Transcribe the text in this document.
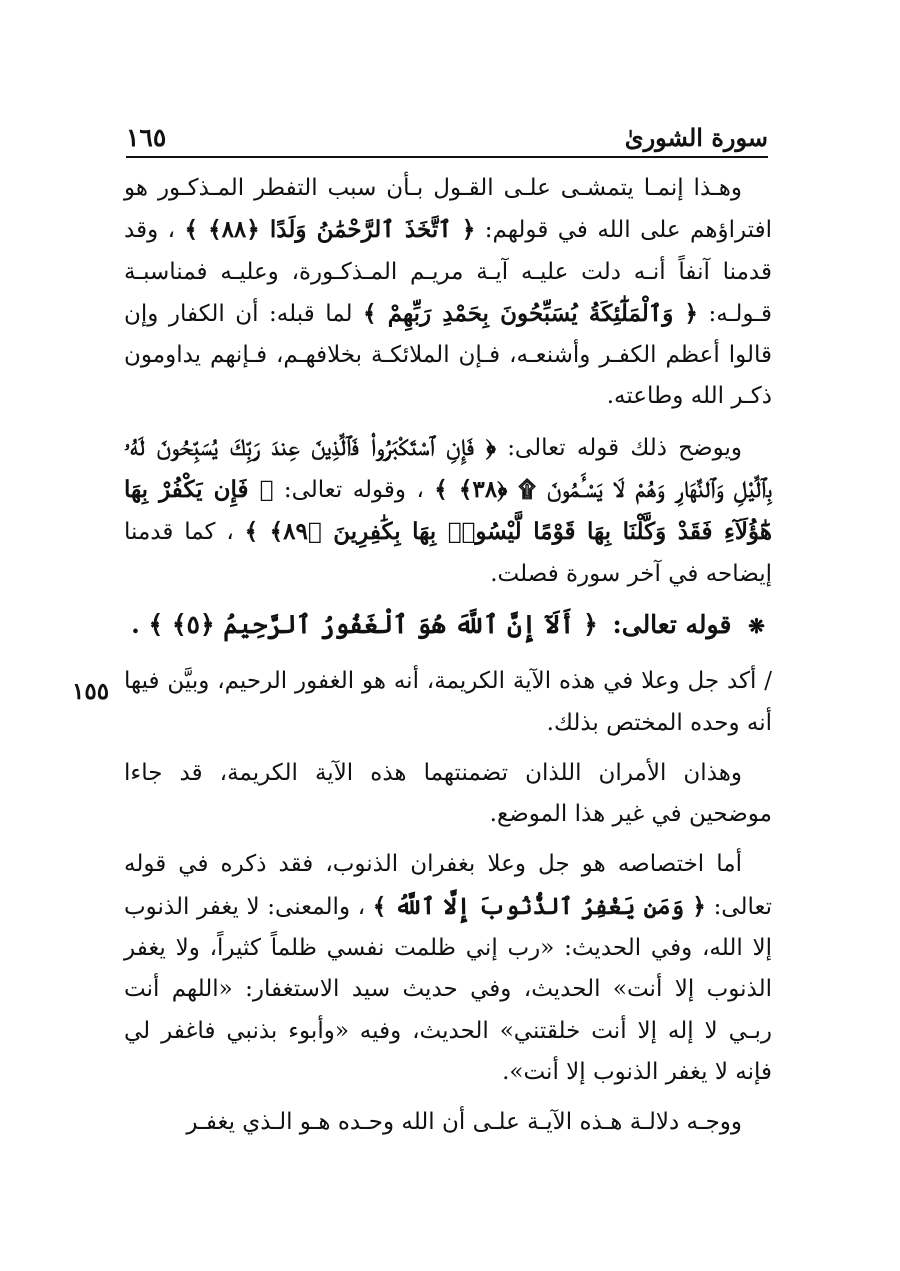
١٦٥	سورة الشورىٰ
١٥٥

وهـذا إنمـا يتمشـى علـى القـول بـأن سبب التفطر المـذكـور هو افتراؤهم على الله في قولهم: ﴿ ٱتَّخَذَ ٱلرَّحْمَٰنُ وَلَدًا ﴿٨٨﴾ ﴾ ، وقد قدمنا آنفاً أنـه دلت عليـه آيـة مريـم المـذكـورة، وعليـه فمناسبـة قـولـه: ﴿ وَٱلْمَلَٰٓئِكَةُ يُسَبِّحُونَ بِحَمْدِ رَبِّهِمْ ﴾ لما قبله: أن الكفار وإن قالوا أعظم الكفـر وأشنعـه، فـإن الملائكـة بخلافهـم، فـإنهم يداومون ذكـر الله وطاعته.

ويوضح ذلك قوله تعالى: ﴿ فَإِنِ ٱسْتَكْبَرُوا۟ فَٱلَّذِينَ عِندَ رَبِّكَ يُسَبِّحُونَ لَهُۥ بِٱلَّيْلِ وَٱلنَّهَارِ وَهُمْ لَا يَسْـَٔمُونَ ۩ ﴿٣٨﴾ ﴾ ، وقوله تعالى: ﴿ فَإِن يَكْفُرْ بِهَا هَٰٓؤُلَآءِ فَقَدْ وَكَّلْنَا بِهَا قَوْمًا لَّيْسُوا۟ بِهَا بِكَٰفِرِينَ ﴿٨٩﴾ ﴾ ، كما قدمنا إيضاحه في آخر سورة فصلت.

❋ قوله تعالى: ﴿ أَلَآ إِنَّ ٱللَّهَ هُوَ ٱلْغَفُورُ ٱلرَّحِيمُ ﴿٥﴾ ﴾ .

/ أكد جل وعلا في هذه الآية الكريمة، أنه هو الغفور الرحيم، وبيَّن فيها أنه وحده المختص بذلك.

وهذان الأمران اللذان تضمنتهما هذه الآية الكريمة، قد جاءا موضحين في غير هذا الموضع.

أما اختصاصه هو جل وعلا بغفران الذنوب، فقد ذكره في قوله تعالى: ﴿ وَمَن يَغْفِرُ ٱلذُّنُوبَ إِلَّا ٱللَّهُ ﴾ ، والمعنى: لا يغفر الذنوب إلا الله، وفي الحديث: «رب إني ظلمت نفسي ظلماً كثيراً، ولا يغفر الذنوب إلا أنت» الحديث، وفي حديث سيد الاستغفار: «اللهم أنت ربـي لا إله إلا أنت خلقتني» الحديث، وفيه «وأبوء بذنبي فاغفر لي فإنه لا يغفر الذنوب إلا أنت».

ووجـه دلالـة هـذه الآيـة علـى أن الله وحـده هـو الـذي يغفـر
